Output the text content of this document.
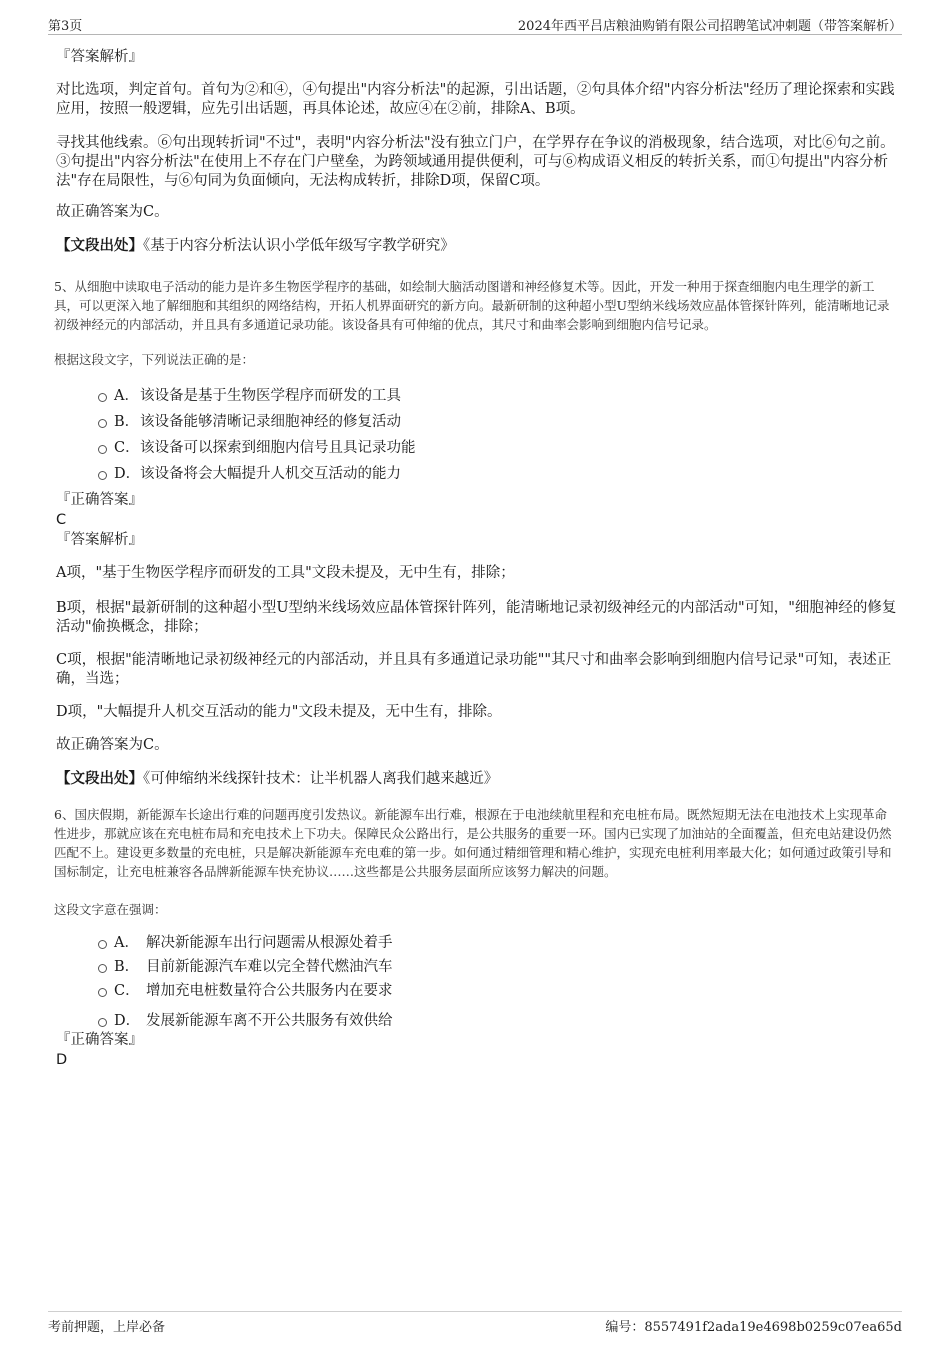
第3页	2024年西平吕店粮油购销有限公司招聘笔试冲刺题（带答案解析）

『答案解析』

对比选项，判定首句。首句为②和④，④句提出"内容分析法"的起源，引出话题，②句具体介绍"内容分析法"经历了理论探索和实践应用，按照一般逻辑，应先引出话题，再具体论述，故应④在②前，排除A、B项。

寻找其他线索。⑥句出现转折词"不过"，表明"内容分析法"没有独立门户，在学界存在争议的消极现象，结合选项，对比⑥句之前。③句提出"内容分析法"在使用上不存在门户壁垒，为跨领域通用提供便利，可与⑥构成语义相反的转折关系，而①句提出"内容分析法"存在局限性，与⑥句同为负面倾向，无法构成转折，排除D项，保留C项。

故正确答案为C。

【文段出处】《基于内容分析法认识小学低年级写字教学研究》

5、从细胞中读取电子活动的能力是许多生物医学程序的基础，如绘制大脑活动图谱和神经修复术等。因此，开发一种用于探查细胞内电生理学的新工具，可以更深入地了解细胞和其组织的网络结构，开拓人机界面研究的新方向。最新研制的这种超小型U型纳米线场效应晶体管探针阵列，能清晰地记录初级神经元的内部活动，并且具有多通道记录功能。该设备具有可伸缩的优点，其尺寸和曲率会影响到细胞内信号记录。

根据这段文字，下列说法正确的是：

A． 该设备是基于生物医学程序而研发的工具
B． 该设备能够清晰记录细胞神经的修复活动
C． 该设备可以探索到细胞内信号且具记录功能
D． 该设备将会大幅提升人机交互活动的能力

『正确答案』

C

『答案解析』

A项，"基于生物医学程序而研发的工具"文段未提及，无中生有，排除；

B项，根据"最新研制的这种超小型U型纳米线场效应晶体管探针阵列，能清晰地记录初级神经元的内部活动"可知，"细胞神经的修复活动"偷换概念，排除；

C项，根据"能清晰地记录初级神经元的内部活动，并且具有多通道记录功能""其尺寸和曲率会影响到细胞内信号记录"可知，表述正确，当选；

D项，"大幅提升人机交互活动的能力"文段未提及，无中生有，排除。

故正确答案为C。

【文段出处】《可伸缩纳米线探针技术：让半机器人离我们越来越近》

6、国庆假期，新能源车长途出行难的问题再度引发热议。新能源车出行难，根源在于电池续航里程和充电桩布局。既然短期无法在电池技术上实现革命性进步，那就应该在充电桩布局和充电技术上下功夫。保障民众公路出行，是公共服务的重要一环。国内已实现了加油站的全面覆盖，但充电站建设仍然匹配不上。建设更多数量的充电桩，只是解决新能源车充电难的第一步。如何通过精细管理和精心维护，实现充电桩利用率最大化；如何通过政策引导和国标制定，让充电桩兼容各品牌新能源车快充协议……这些都是公共服务层面所应该努力解决的问题。

这段文字意在强调：

A． 解决新能源车出行问题需从根源处着手
B． 目前新能源汽车难以完全替代燃油汽车
C． 增加充电桩数量符合公共服务内在要求
D． 发展新能源车离不开公共服务有效供给

『正确答案』

D

考前押题，上岸必备	编号：8557491f2ada19e4698b0259c07ea65d
